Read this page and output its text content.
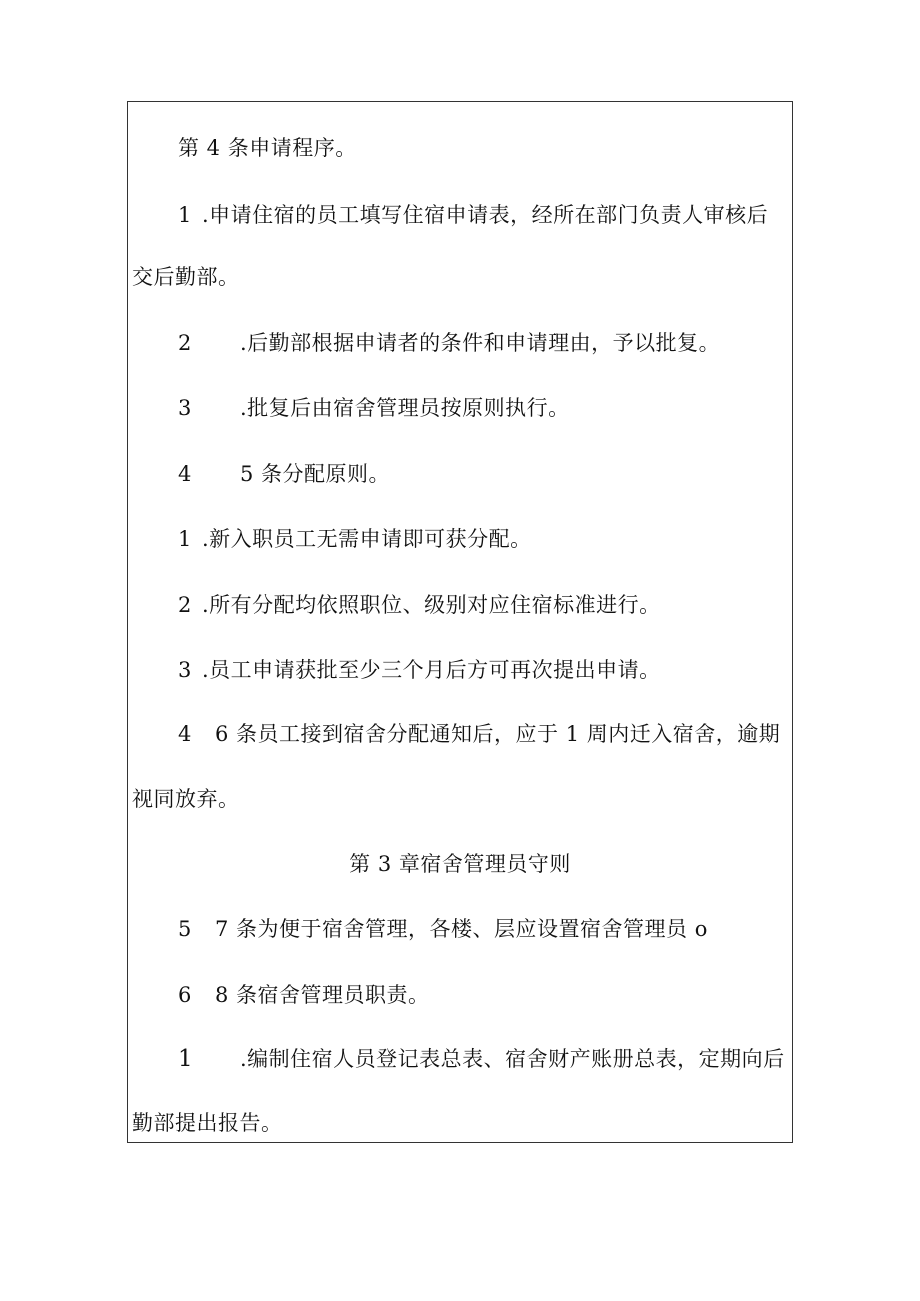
第 4 条申请程序。
1 .申请住宿的员工填写住宿申请表，经所在部门负责人审核后
交后勤部。
2 .后勤部根据申请者的条件和申请理由，予以批复。
3 .批复后由宿舍管理员按原则执行。
4 5 条分配原则。
1 .新入职员工无需申请即可获分配。
2 .所有分配均依照职位、级别对应住宿标准进行。
3 .员工申请获批至少三个月后方可再次提出申请。
4 6 条员工接到宿舍分配通知后，应于 1 周内迁入宿舍，逾期
视同放弃。
第 3 章宿舍管理员守则
5 7 条为便于宿舍管理，各楼、层应设置宿舍管理员 o
6 8 条宿舍管理员职责。
1 .编制住宿人员登记表总表、宿舍财产账册总表，定期向后
勤部提出报告。
